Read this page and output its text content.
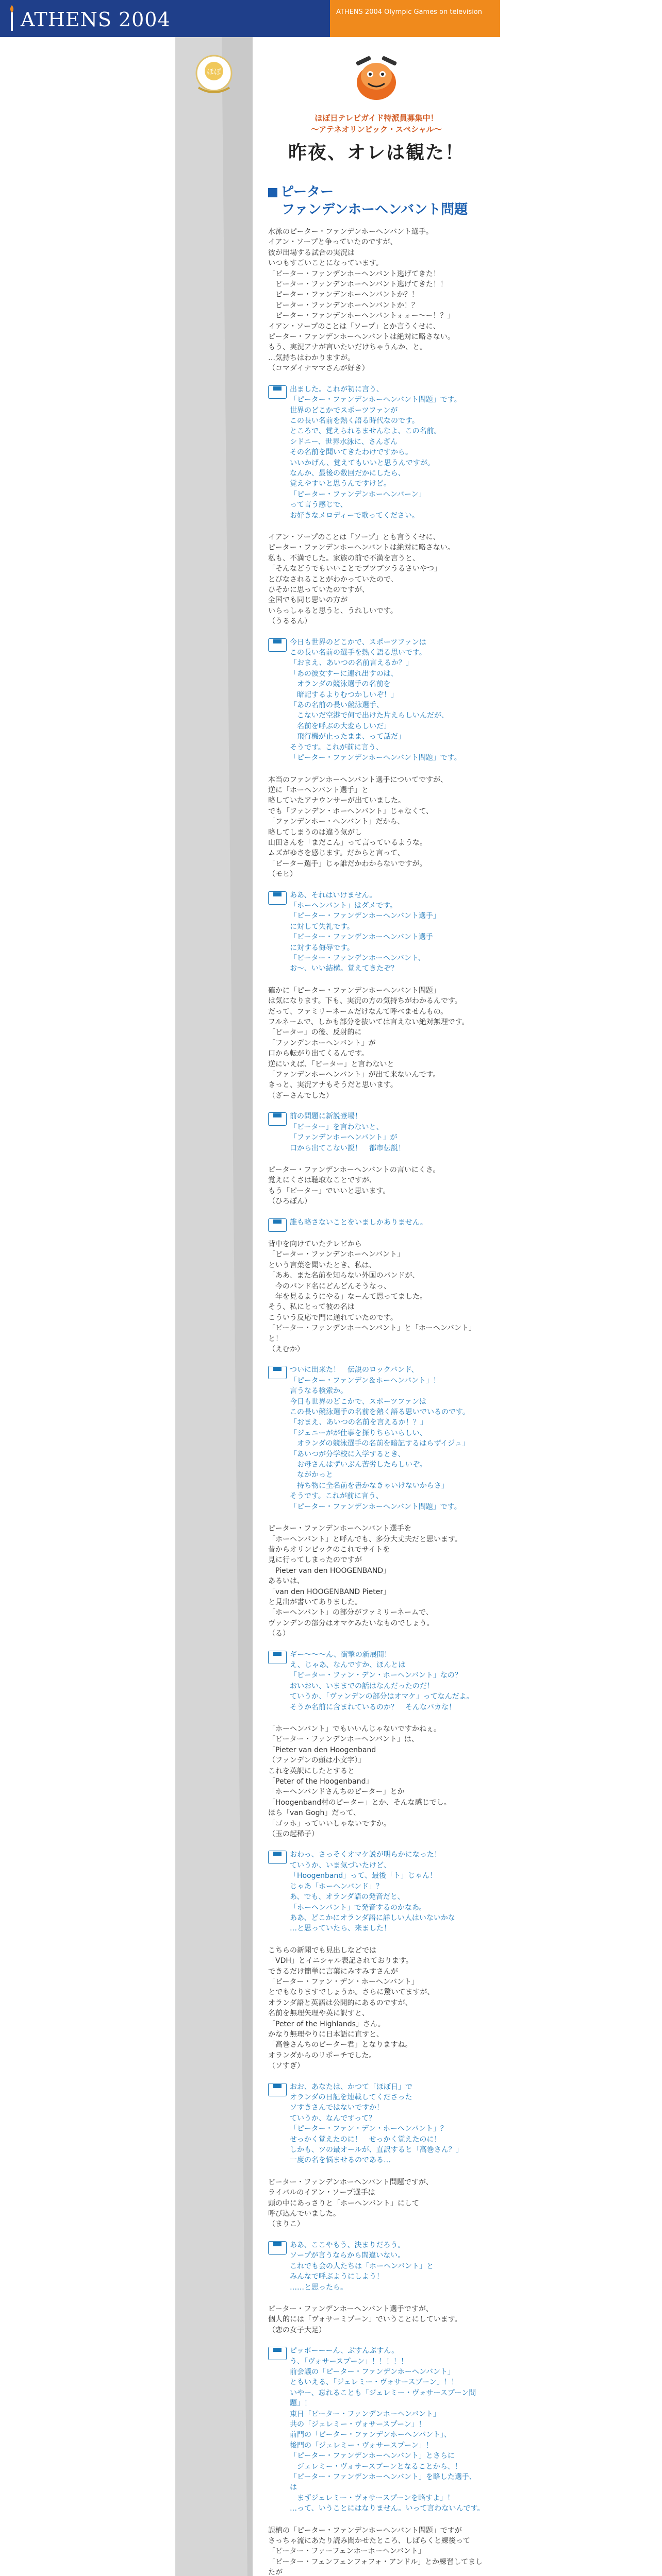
ATHENS 2004	ATHENS 2004 Olympic Games on television
ほぼ
ほぼ日テレビガイド特派員募集中！
〜アテネオリンピック・スペシャル〜
昨夜、オレは観た！
ピーター
　ファンデンホーヘンバント問題

水泳のピーター・ファンデンホーヘンバント選手。
イアン・ソープと争っていたのですが、
彼が出場する試合の実況は
いつもすごいことになっています。
「ピーター・ファンデンホーヘンバント逃げてきた！
　ピーター・ファンデンホーヘンバント逃げてきた！！
　ピーター・ファンデンホーヘンバントか？！
　ピーター・ファンデンホーヘンバントか！？
　ピーター・ファンデンホーヘンバントォォー〜ー！？」
イアン・ソープのことは「ソープ」とか言うくせに、
ピーター・ファンデンホーヘンバントは絶対に略さない。
もう、実況アナが言いたいだけちゃうんか、と。
…気持ちはわかりますが。
（コマダイナママさんが好き）

出ました。これが初に言う、
「ピーター・ファンデンホーヘンバント問題」です。
世界のどこかでスポーツファンが
この長い名前を熱く語る時代なのです。
ところで、覚えられるませんなよ、この名前。
シドニー、世界水泳に、さんざん
その名前を聞いてきたわけですから。
いいかげん、覚えてもいいと思うんですが。
なんか、最後の数回だかにしたら、
覚えやすいと思うんですけど。
「ピーター・ファンデンホーヘンバーン」
って言う感じで、
お好きなメロディーで歌ってください。

イアン・ソープのことは「ソープ」とも言うくせに、
ピーター・ファンデンホーヘンバントは絶対に略さない。
私も、不満でした。家族の前で不満を言うと、
「そんなどうでもいいことでブツブツうるさいやつ」
とびなされることがわかっていたので、
ひそかに思っていたのですが、
全国でも同じ思いの方が
いらっしゃると思うと、うれしいです。
（うるるん）

今日も世界のどこかで、スポーツファンは
この長い名前の選手を熱く語る思いです。
「おまえ、あいつの名前言えるか？」
「あの彼女すーに連れ出すのは、
　オランダの競泳選手の名前を
　暗記するよりむつかしいぞ！」
「あの名前の長い競泳選手、
　こないだ空港で何で出けた片えらしいんだが、
　名前を呼ぶの大変らしいだ」
　飛行機が止ったまま、って話だ」
そうです。これが前に言う、
「ピーター・ファンデンホーヘンバント問題」です。

本当のファンデンホーヘンバント選手についてですが、
逆に「ホーヘンバント選手」と
略していたアナウンサーが出ていました。
でも「ファンデン・ホーヘンバント」じゃなくて、
「ファンデンホー・ヘンバント」だから、
略してしまうのは違う気がし
山田さんを「まだこん」って言っているような。
ムズがゆさを感じます。だからと言って、
「ピーター選手」じゃ誰だかわからないですが。
（モヒ）

ああ、それはいけません。
「ホーヘンバント」はダメです。
「ピーター・ファンデンホーヘンバント選手」
に対して失礼です。
「ピーター・ファンデンホーヘンバント選手
に対する侮辱です。
「ピーター・ファンデンホーヘンバント、
お〜、いい結構。覚えてきたぞ？

確かに「ピーター・ファンデンホーヘンバント問題」
は気になります。下も、実況の方の気持ちがわかるんです。
だって、ファミリーネームだけなんて呼べませんもの。
フルネームで、しかも部分を抜いては言えない絶対無理です。
「ピーター」の後、反射的に
「ファンデンホーヘンバント」が
口から転がり出てくるんです。
逆にいえば、「ピーター」と言わないと
「ファンデンホーヘンバント」が出て来ないんです。
きっと、実況アナもそうだと思います。
（ざーさんでした）

前の問題に新説登場！
「ピーター」を言わないと、
「ファンデンホーヘンバント」が
口から出てこない説！　都市伝説！

ピーター・ファンデンホーヘンバントの言いにくさ。
覚えにくさは聴取なことですが、
もう「ピーター」でいいと思います。
（ひろぽん）

誰も略さないことをいましかありません。

背中を向けていたテレビから
「ピーター・ファンデンホーヘンバント」
という言葉を聞いたとき、私は、
「ああ、また名前を知らない外国のバンドが、
　今のバンド名にどんどんそうなっ、
　年を見るようにやる」なーんて思ってました。
そう、私にとって彼の名は
こういう反応で門に通れていたのです。
「ピーター・ファンデンホーヘンバント」と「ホーヘンバント」と！
（えむか）

ついに出来た！　伝説のロックバンド、
「ピーター・ファンデン＆ホーヘンバント」！
言うなる検索か。
今日も世界のどこかで、スポーツファンは
この長い競泳選手の名前を熱く語る思いでいるのです。
「おまえ、あいつの名前を言えるか！？」
「ジェニーがが仕事を探りちらいらしい、
　オランダの競泳選手の名前を暗記するはらずイジュ」
「あいつが分学校に入学するとき、
　お母さんはずいぶん苦労したらしいぞ。
　ながかっと
　持ち物に全名前を書かなきゃいけないからさ」
そうです。これが前に言う、
「ピーター・ファンデンホーヘンバント問題」です。

ピーター・ファンデンホーヘンバント選手を
「ホーヘンバント」と呼んでも、多分大丈夫だと思います。
昔からオリンピックのこれでサイトを
見に行ってしまったのですが
「Pieter van den HOOGENBAND」
あるいは、
「van den HOOGENBAND Pieter」
と見出が書いてありました。
「ホーヘンバント」の部分がファミリーネームで、
ヴァンデンの部分はオマケみたいなものでしょう。
（る）

ギー〜〜〜ん、衝撃の新展開！
え、じゃあ、なんですか、ほんとは
「ピーター・ファン・デン・ホーヘンバント」なの？
おいおい、いままでの話はなんだったのだ！
ていうか、「ヴァンデンの部分はオマケ」ってなんだよ。
そうか名前に含まれているのか？　そんなバカな！

「ホーヘンバント」でもいいんじゃないですかねぇ。
「ピーター・ファンデンホーヘンバント」は、
「Pieter van den Hoogenband
（ファンデンの頭は小文字）」
これを英訳にしたとすると
「Peter of the Hoogenband」
「ホーヘンバンドさんちのピーター」とか
「Hoogenband村のピーター」とか、そんな感じでし。
ほら「van Gogh」だって、
「ゴッホ」っていいしゃないですか。
（玉の起稀子）

おわっ、さっそくオマケ説が明らかになった！
ていうか、いま気づいたけど、
「Hoogenband」って、最後「ト」じゃん！
じゃあ「ホーヘンバンド」？
あ、でも、オランダ語の発音だと、
「ホーヘンバント」で発音するのかなあ。
ああ、どこかにオランダ語に詳しい人はいないかな
…と思っていたら、来ました！

こちらの新聞でも見出しなどでは
「VDH」とイニシャル表記されております。
できるだけ簡単に言葉にみすみすさんが
「ピーター・ファン・デン・ホーヘンバント」
とでもなりますでしょうか。さらに驚いてますが、
オランダ語と英語は公開的にあるのですが、
名前を無理矢理や英に訳すと、
「Peter of the Highlands」さん。
かなり無理やりに日本語に直すと、
「高巻さんちのピーター君」となりますね。
オランダからのリポーチでした。
（ソすぎ）

おお、あなたは、かつて「ほぼ日」で
オランダの日記を連載してくださった
ソすきさんではないですか！
ていうか、なんですって？
「ピーター・ファン・デン・ホーヘンバント」？
せっかく覚えたのに！　せっかく覚えたのに！
しかも、ツの最オールが、直訳すると「高巻さん？」
一度の名を悩ませるのである…

ピーター・ファンデンホーヘンバント問題ですが、
ライバルのイアン・ソープ選手は
頭の中にあっさりと「ホーヘンバント」にして
呼び込んでいました。
（まりこ）

ああ、ここやもう、決まりだろう。
ソープが言うならから間違いない。
これでも会の人たちは「ホーヘンバント」と
みんなで呼ぶようにしよう！
……と思ったら。

ピーター・ファンデンホーヘンバント選手ですが、
個人的には「ヴォサーミプーン」でいうことにしています。
（恋の女子大足）

ピッポーーーん、ぶすんぷすん。
う、「ヴォサースプーン」！！！！！
前会議の「ピーター・ファンデンホーヘンバント」
ともいえる、「ジェレミー・ヴォサースプーン」！！
いやー、忘れることも「ジェレミー・ヴォサースプーン問題」！
東日「ピーター・ファンデンホーヘンバント」
共の「ジェレミー・ヴォサースプーン」！
前門の「ピーター・ファンデンホーヘンバント」、
後門の「ジェレミー・ヴォサースプーン」！
「ピーター・ファンデンホーヘンバント」とさらに
　ジェレミー・ヴォサースプーンとなることから、！
「ピーター・ファンデンホーヘンバント」を略した選手、
は
　まずジェレミー・ヴォサースプーンを略すよ」！
…って、いうことにはなりません。いって言わないんです。

誤植の「ピーター・ファンデンホーヘンバント問題」ですが
さっちゃ流にあたり読み聞かせたところ、しばらくと練後って
「ピーター・ファーフェンホーホーヘンバント」
「ピーター・フェンフェンフォフォ・アンドル」とか練習してましたが
